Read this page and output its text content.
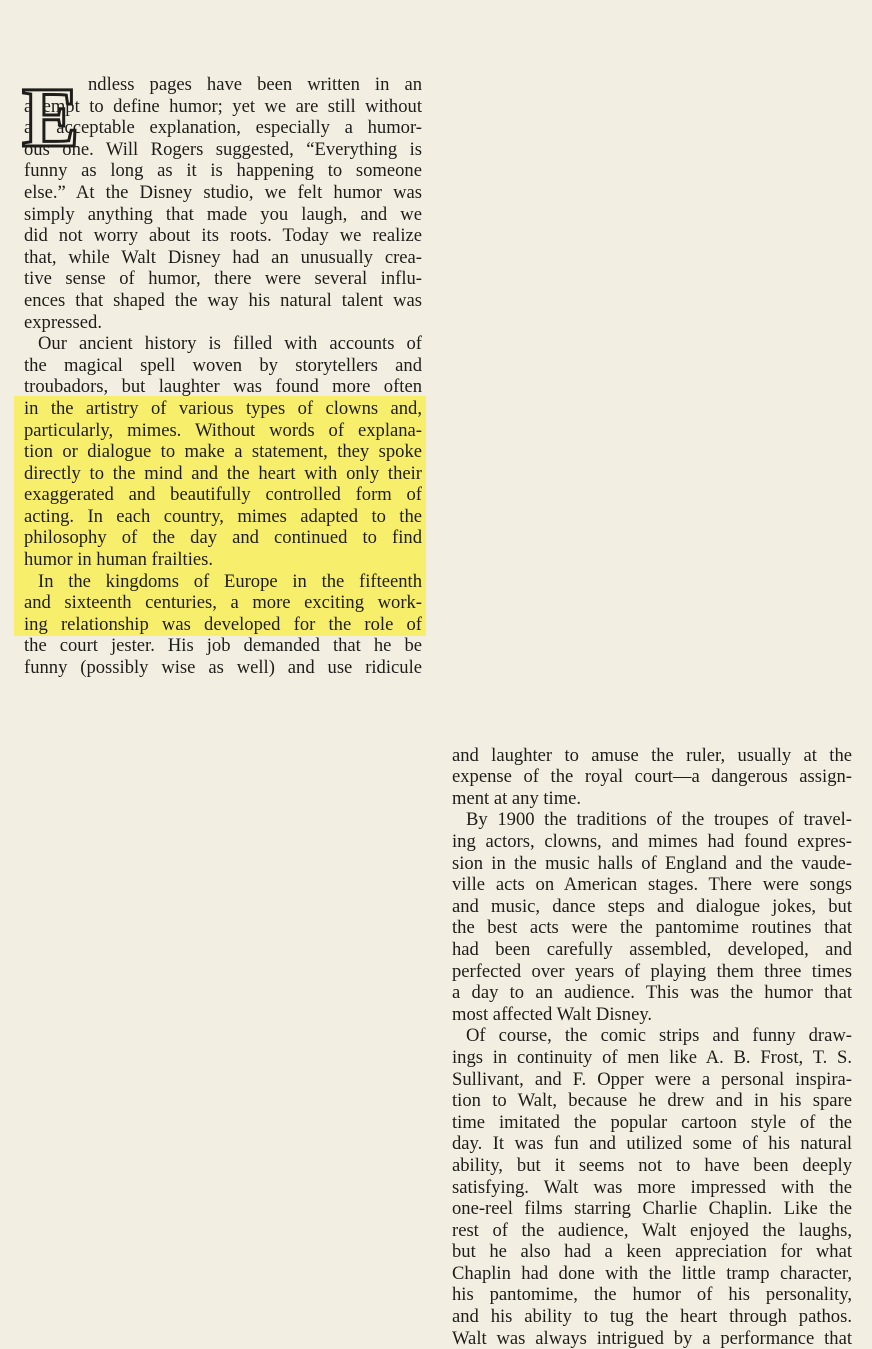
E ndless pages have been written in an
attempt to define humor; yet we are still without
an acceptable explanation, especially a humor-
ous one. Will Rogers suggested, “Everything is
funny as long as it is happening to someone
else.” At the Disney studio, we felt humor was
simply anything that made you laugh, and we
did not worry about its roots. Today we realize
that, while Walt Disney had an unusually crea-
tive sense of humor, there were several influ-
ences that shaped the way his natural talent was
expressed.
Our ancient history is filled with accounts of
the magical spell woven by storytellers and
troubadors, but laughter was found more often
in the artistry of various types of clowns and,
particularly, mimes. Without words of explana-
tion or dialogue to make a statement, they spoke
directly to the mind and the heart with only their
exaggerated and beautifully controlled form of
acting. In each country, mimes adapted to the
philosophy of the day and continued to find
humor in human frailties.
In the kingdoms of Europe in the fifteenth
and sixteenth centuries, a more exciting work-
ing relationship was developed for the role of
the court jester. His job demanded that he be
funny (possibly wise as well) and use ridicule
and laughter to amuse the ruler, usually at the
expense of the royal court—a dangerous assign-
ment at any time.
By 1900 the traditions of the troupes of travel-
ing actors, clowns, and mimes had found expres-
sion in the music halls of England and the vaude-
ville acts on American stages. There were songs
and music, dance steps and dialogue jokes, but
the best acts were the pantomime routines that
had been carefully assembled, developed, and
perfected over years of playing them three times
a day to an audience. This was the humor that
most affected Walt Disney.
Of course, the comic strips and funny draw-
ings in continuity of men like A. B. Frost, T. S.
Sullivant, and F. Opper were a personal inspira-
tion to Walt, because he drew and in his spare
time imitated the popular cartoon style of the
day. It was fun and utilized some of his natural
ability, but it seems not to have been deeply
satisfying. Walt was more impressed with the
one-reel films starring Charlie Chaplin. Like the
rest of the audience, Walt enjoyed the laughs,
but he also had a keen appreciation for what
Chaplin had done with the little tramp character,
his pantomime, the humor of his personality,
and his ability to tug the heart through pathos.
Walt was always intrigued by a performance that
